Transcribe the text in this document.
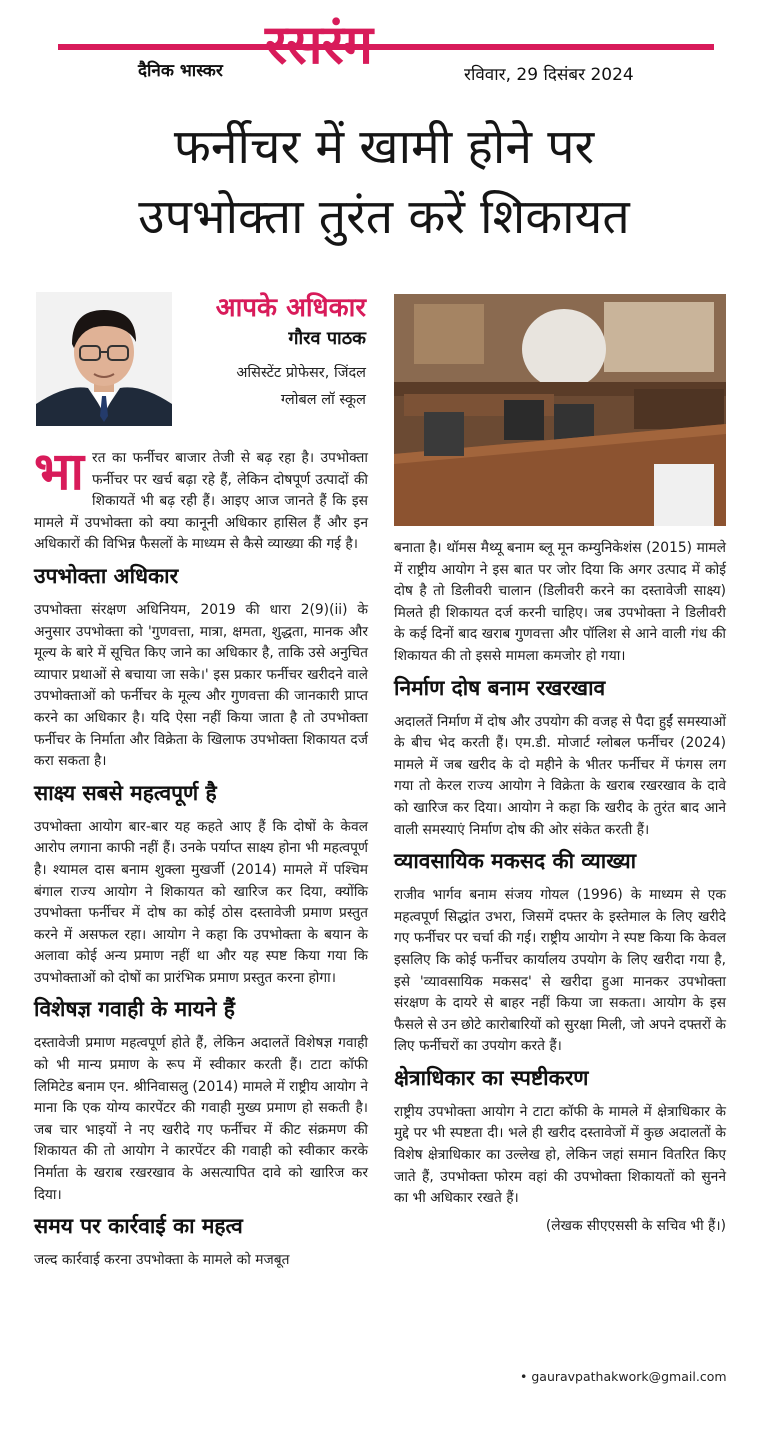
दैनिक भास्कर रसरंग	रविवार, 29 दिसंबर 2024
फर्नीचर में खामी होने पर
उपभोक्ता तुरंत करें शिकायत
आपके अधिकार
गौरव पाठक
असिस्टेंट प्रोफेसर, जिंदल ग्लोबल लॉ स्कूल

भारत का फर्नीचर बाजार तेजी से बढ़ रहा है। उपभोक्ता फर्नीचर पर खर्च बढ़ा रहे हैं, लेकिन दोषपूर्ण उत्पादों की शिकायतें भी बढ़ रही हैं। आइए आज जानते हैं कि इस मामले में उपभोक्ता को क्या कानूनी अधिकार हासिल हैं और इन अधिकारों की विभिन्न फैसलों के माध्यम से कैसे व्याख्या की गई है।

उपभोक्ता अधिकार

उपभोक्ता संरक्षण अधिनियम, 2019 की धारा 2(9)(ii) के अनुसार उपभोक्ता को 'गुणवत्ता, मात्रा, क्षमता, शुद्धता, मानक और मूल्य के बारे में सूचित किए जाने का अधिकार है, ताकि उसे अनुचित व्यापार प्रथाओं से बचाया जा सके।' इस प्रकार फर्नीचर खरीदने वाले उपभोक्ताओं को फर्नीचर के मूल्य और गुणवत्ता की जानकारी प्राप्त करने का अधिकार है। यदि ऐसा नहीं किया जाता है तो उपभोक्ता फर्नीचर के निर्माता और विक्रेता के खिलाफ उपभोक्ता शिकायत दर्ज करा सकता है।

साक्ष्य सबसे महत्वपूर्ण है

उपभोक्ता आयोग बार-बार यह कहते आए हैं कि दोषों के केवल आरोप लगाना काफी नहीं हैं। उनके पर्याप्त साक्ष्य होना भी महत्वपूर्ण है। श्यामल दास बनाम शुक्ला मुखर्जी (2014) मामले में पश्चिम बंगाल राज्य आयोग ने शिकायत को खारिज कर दिया, क्योंकि उपभोक्ता फर्नीचर में दोष का कोई ठोस दस्तावेजी प्रमाण प्रस्तुत करने में असफल रहा। आयोग ने कहा कि उपभोक्ता के बयान के अलावा कोई अन्य प्रमाण नहीं था और यह स्पष्ट किया गया कि उपभोक्ताओं को दोषों का प्रारंभिक प्रमाण प्रस्तुत करना होगा।

विशेषज्ञ गवाही के मायने हैं

दस्तावेजी प्रमाण महत्वपूर्ण होते हैं, लेकिन अदालतें विशेषज्ञ गवाही को भी मान्य प्रमाण के रूप में स्वीकार करती हैं। टाटा कॉफी लिमिटेड बनाम एन. श्रीनिवासलु (2014) मामले में राष्ट्रीय आयोग ने माना कि एक योग्य कारपेंटर की गवाही मुख्य प्रमाण हो सकती है। जब चार भाइयों ने नए खरीदे गए फर्नीचर में कीट संक्रमण की शिकायत की तो आयोग ने कारपेंटर की गवाही को स्वीकार करके निर्माता के खराब रखरखाव के असत्यापित दावे को खारिज कर दिया।

समय पर कार्रवाई का महत्व

जल्द कार्रवाई करना उपभोक्ता के मामले को मजबूत

बनाता है। थॉमस मैथ्यू बनाम ब्लू मून कम्युनिकेशंस (2015) मामले में राष्ट्रीय आयोग ने इस बात पर जोर दिया कि अगर उत्पाद में कोई दोष है तो डिलीवरी चालान (डिलीवरी करने का दस्तावेजी साक्ष्य) मिलते ही शिकायत दर्ज करनी चाहिए। जब उपभोक्ता ने डिलीवरी के कई दिनों बाद खराब गुणवत्ता और पॉलिश से आने वाली गंध की शिकायत की तो इससे मामला कमजोर हो गया।

निर्माण दोष बनाम रखरखाव

अदालतें निर्माण में दोष और उपयोग की वजह से पैदा हुईं समस्याओं के बीच भेद करती हैं। एम.डी. मोजार्ट ग्लोबल फर्नीचर (2024) मामले में जब खरीद के दो महीने के भीतर फर्नीचर में फंगस लग गया तो केरल राज्य आयोग ने विक्रेता के खराब रखरखाव के दावे को खारिज कर दिया। आयोग ने कहा कि खरीद के तुरंत बाद आने वाली समस्याएं निर्माण दोष की ओर संकेत करती हैं।

व्यावसायिक मकसद की व्याख्या

राजीव भार्गव बनाम संजय गोयल (1996) के माध्यम से एक महत्वपूर्ण सिद्धांत उभरा, जिसमें दफ्तर के इस्तेमाल के लिए खरीदे गए फर्नीचर पर चर्चा की गई। राष्ट्रीय आयोग ने स्पष्ट किया कि केवल इसलिए कि कोई फर्नीचर कार्यालय उपयोग के लिए खरीदा गया है, इसे 'व्यावसायिक मकसद' से खरीदा हुआ मानकर उपभोक्ता संरक्षण के दायरे से बाहर नहीं किया जा सकता। आयोग के इस फैसले से उन छोटे कारोबारियों को सुरक्षा मिली, जो अपने दफ्तरों के लिए फर्नीचरों का उपयोग करते हैं।

क्षेत्राधिकार का स्पष्टीकरण

राष्ट्रीय उपभोक्ता आयोग ने टाटा कॉफी के मामले में क्षेत्राधिकार के मुद्दे पर भी स्पष्टता दी। भले ही खरीद दस्तावेजों में कुछ अदालतों के विशेष क्षेत्राधिकार का उल्लेख हो, लेकिन जहां समान वितरित किए जाते हैं, उपभोक्ता फोरम वहां की उपभोक्ता शिकायतों को सुनने का भी अधिकार रखते हैं।

(लेखक सीएएससी के सचिव भी हैं।)

• gauravpathakwork@gmail.com
